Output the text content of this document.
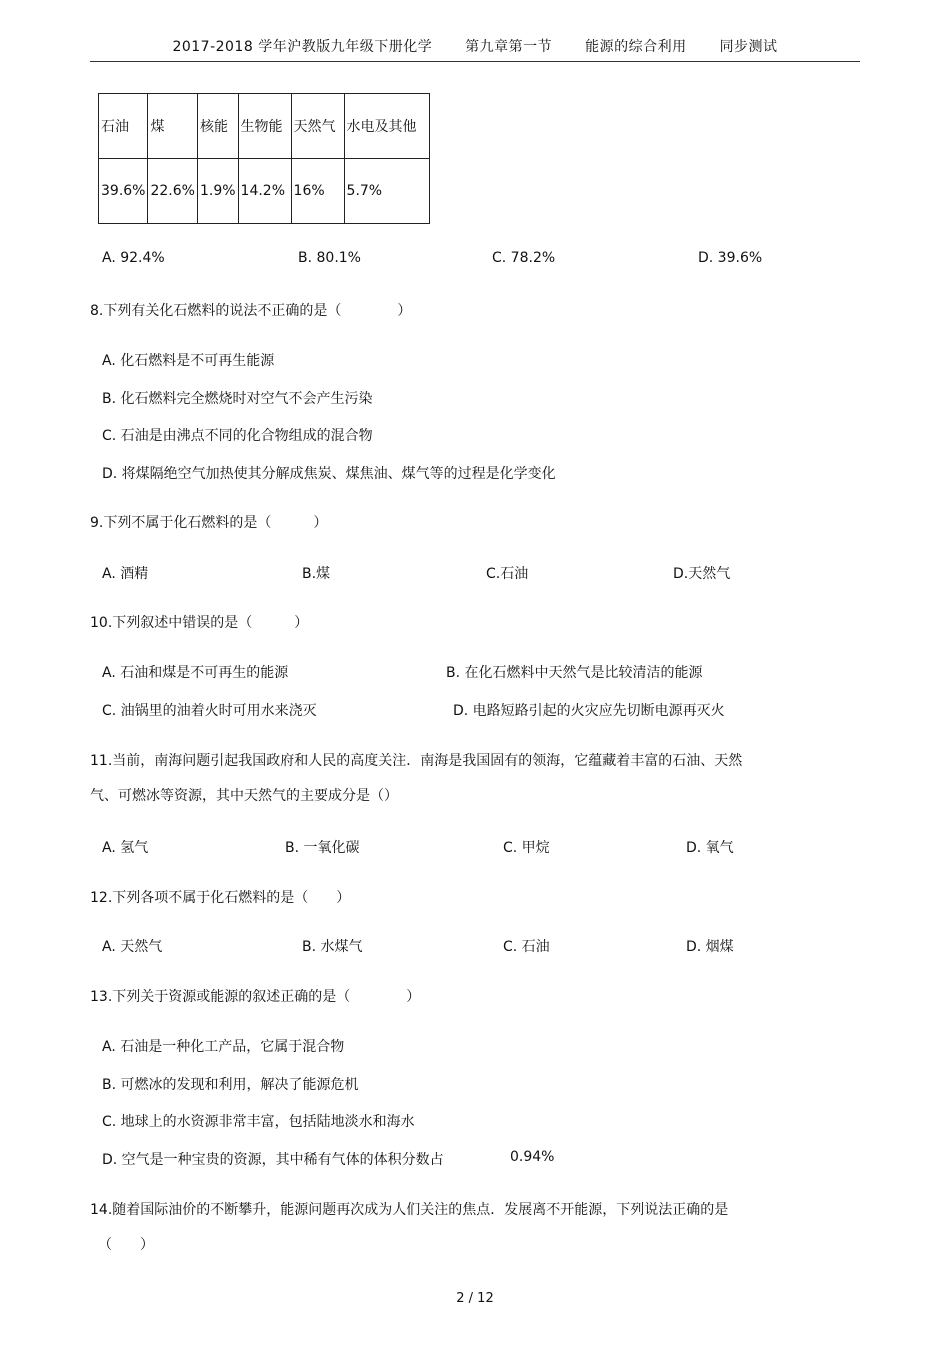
2017-2018 学年沪教版九年级下册化学 第九章第一节 能源的综合利用 同步测试
石油	煤	核能	生物能	天然气	水电及其他
39.6%	22.6%	1.9%	14.2%	16%	5.7%
A. 92.4%	B. 80.1%	C. 78.2%	D. 39.6%
8.下列有关化石燃料的说法不正确的是（　　　　）
A. 化石燃料是不可再生能源
B. 化石燃料完全燃烧时对空气不会产生污染
C. 石油是由沸点不同的化合物组成的混合物
D. 将煤隔绝空气加热使其分解成焦炭、煤焦油、煤气等的过程是化学变化
9.下列不属于化石燃料的是（　　　）
A. 酒精	B.煤	C.石油	D.天然气
10.下列叙述中错误的是（　　　）
A. 石油和煤是不可再生的能源	B. 在化石燃料中天然气是比较清洁的能源
C. 油锅里的油着火时可用水来浇灭	D. 电路短路引起的火灾应先切断电源再灭火
11.当前，南海问题引起我国政府和人民的高度关注．南海是我国固有的领海，它蕴藏着丰富的石油、天然
气、可燃冰等资源，其中天然气的主要成分是（）
A. 氢气	B. 一氧化碳	C. 甲烷	D. 氧气
12.下列各项不属于化石燃料的是（　　）
A. 天然气	B. 水煤气	C. 石油	D. 烟煤
13.下列关于资源或能源的叙述正确的是（　　　　）
A. 石油是一种化工产品，它属于混合物
B. 可燃冰的发现和利用，解决了能源危机
C. 地球上的水资源非常丰富，包括陆地淡水和海水
D. 空气是一种宝贵的资源，其中稀有气体的体积分数占	0.94%
14.随着国际油价的不断攀升，能源问题再次成为人们关注的焦点．发展离不开能源，下列说法正确的是
（　　）
2 / 12
